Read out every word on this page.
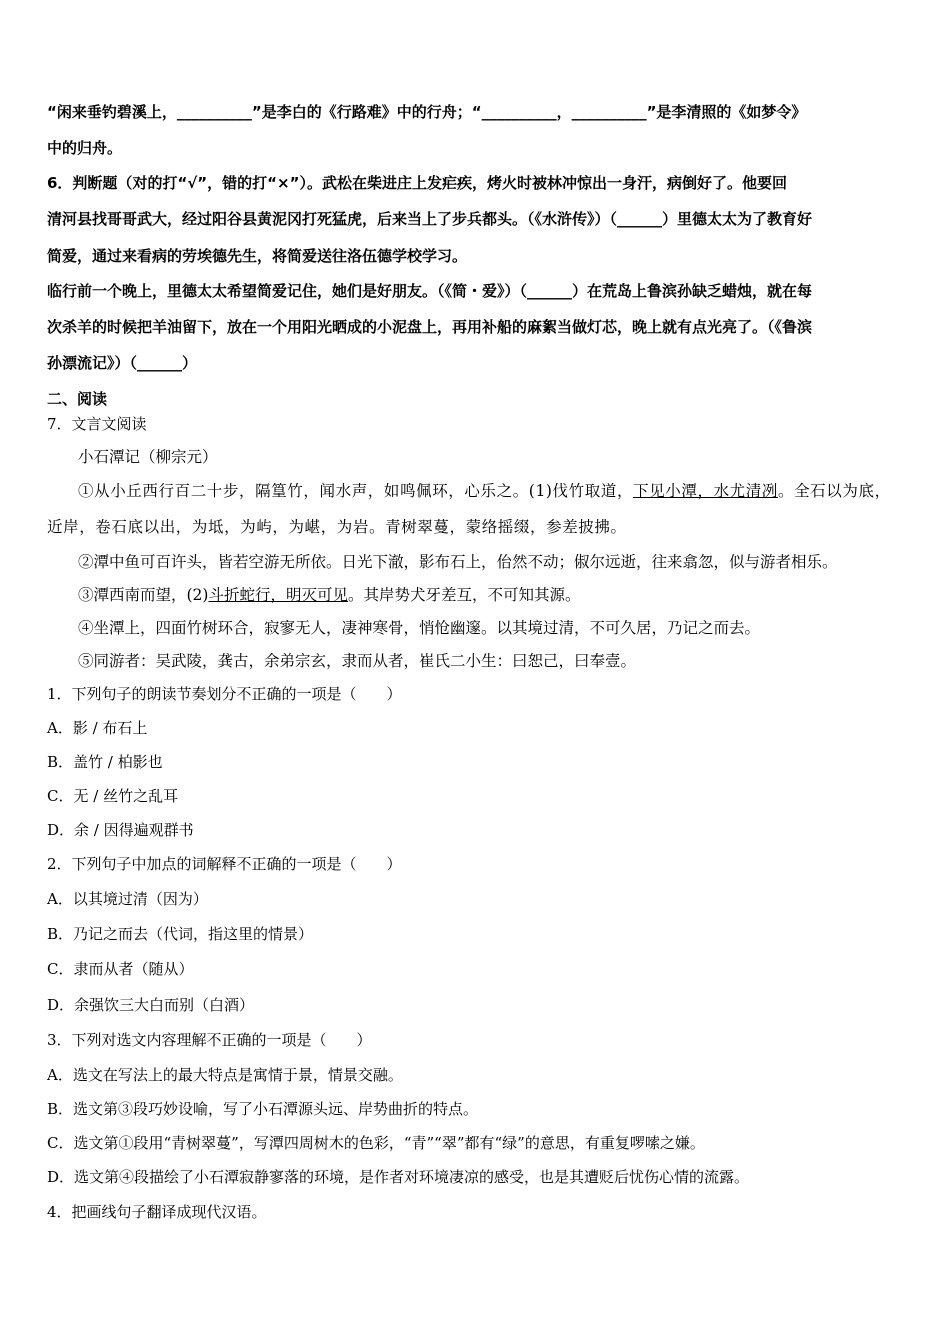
“闲来垂钓碧溪上，__________”是李白的《行路难》中的行舟；“__________，__________”是李清照的《如梦令》
中的归舟。
6．判断题（对的打“√”，错的打“×”）。武松在柴进庄上发疟疾，烤火时被林冲惊出一身汗，病倒好了。他要回
清河县找哥哥武大，经过阳谷县黄泥冈打死猛虎，后来当上了步兵都头。（《水浒传》）（______）里德太太为了教育好
简爱，通过来看病的劳埃德先生，将简爱送往洛伍德学校学习。
临行前一个晚上，里德太太希望简爱记住，她们是好朋友。（《简・爱》）（______）在荒岛上鲁滨孙缺乏蜡烛，就在每
次杀羊的时候把羊油留下，放在一个用阳光晒成的小泥盘上，再用补船的麻絮当做灯芯，晚上就有点光亮了。（《鲁滨
孙漂流记》）（______）
二、阅读
7．文言文阅读
小石潭记（柳宗元）
①从小丘西行百二十步，隔篁竹，闻水声，如鸣佩环，心乐之。(1)伐竹取道，下见小潭，水尤清冽。全石以为底，
近岸，卷石底以出，为坻，为屿，为嵁，为岩。青树翠蔓，蒙络摇缀，参差披拂。
②潭中鱼可百许头，皆若空游无所依。日光下澈，影布石上，佁然不动；俶尔远逝，往来翕忽，似与游者相乐。
③潭西南而望，(2)斗折蛇行，明灭可见。其岸势犬牙差互，不可知其源。
④坐潭上，四面竹树环合，寂寥无人，凄神寒骨，悄怆幽邃。以其境过清，不可久居，乃记之而去。
⑤同游者：吴武陵，龚古，余弟宗玄，隶而从者，崔氏二小生：曰恕己，曰奉壹。
1．下列句子的朗读节奏划分不正确的一项是（　　）
A．影 / 布石上
B．盖竹 / 柏影也
C．无 / 丝竹之乱耳
D．余 / 因得遍观群书
2．下列句子中加点的词解释不正确的一项是（　　）
A．以其境过清（因为）
B．乃记之而去（代词，指这里的情景）
C．隶而从者（随从）
D．余强饮三大白而别（白酒）
3．下列对选文内容理解不正确的一项是（　　）
A．选文在写法上的最大特点是寓情于景，情景交融。
B．选文第③段巧妙设喻，写了小石潭源头远、岸势曲折的特点。
C．选文第①段用“青树翠蔓”，写潭四周树木的色彩，“青”“翠”都有“绿”的意思，有重复啰嗦之嫌。
D．选文第④段描绘了小石潭寂静寥落的环境，是作者对环境凄凉的感受，也是其遭贬后忧伤心情的流露。
4．把画线句子翻译成现代汉语。
